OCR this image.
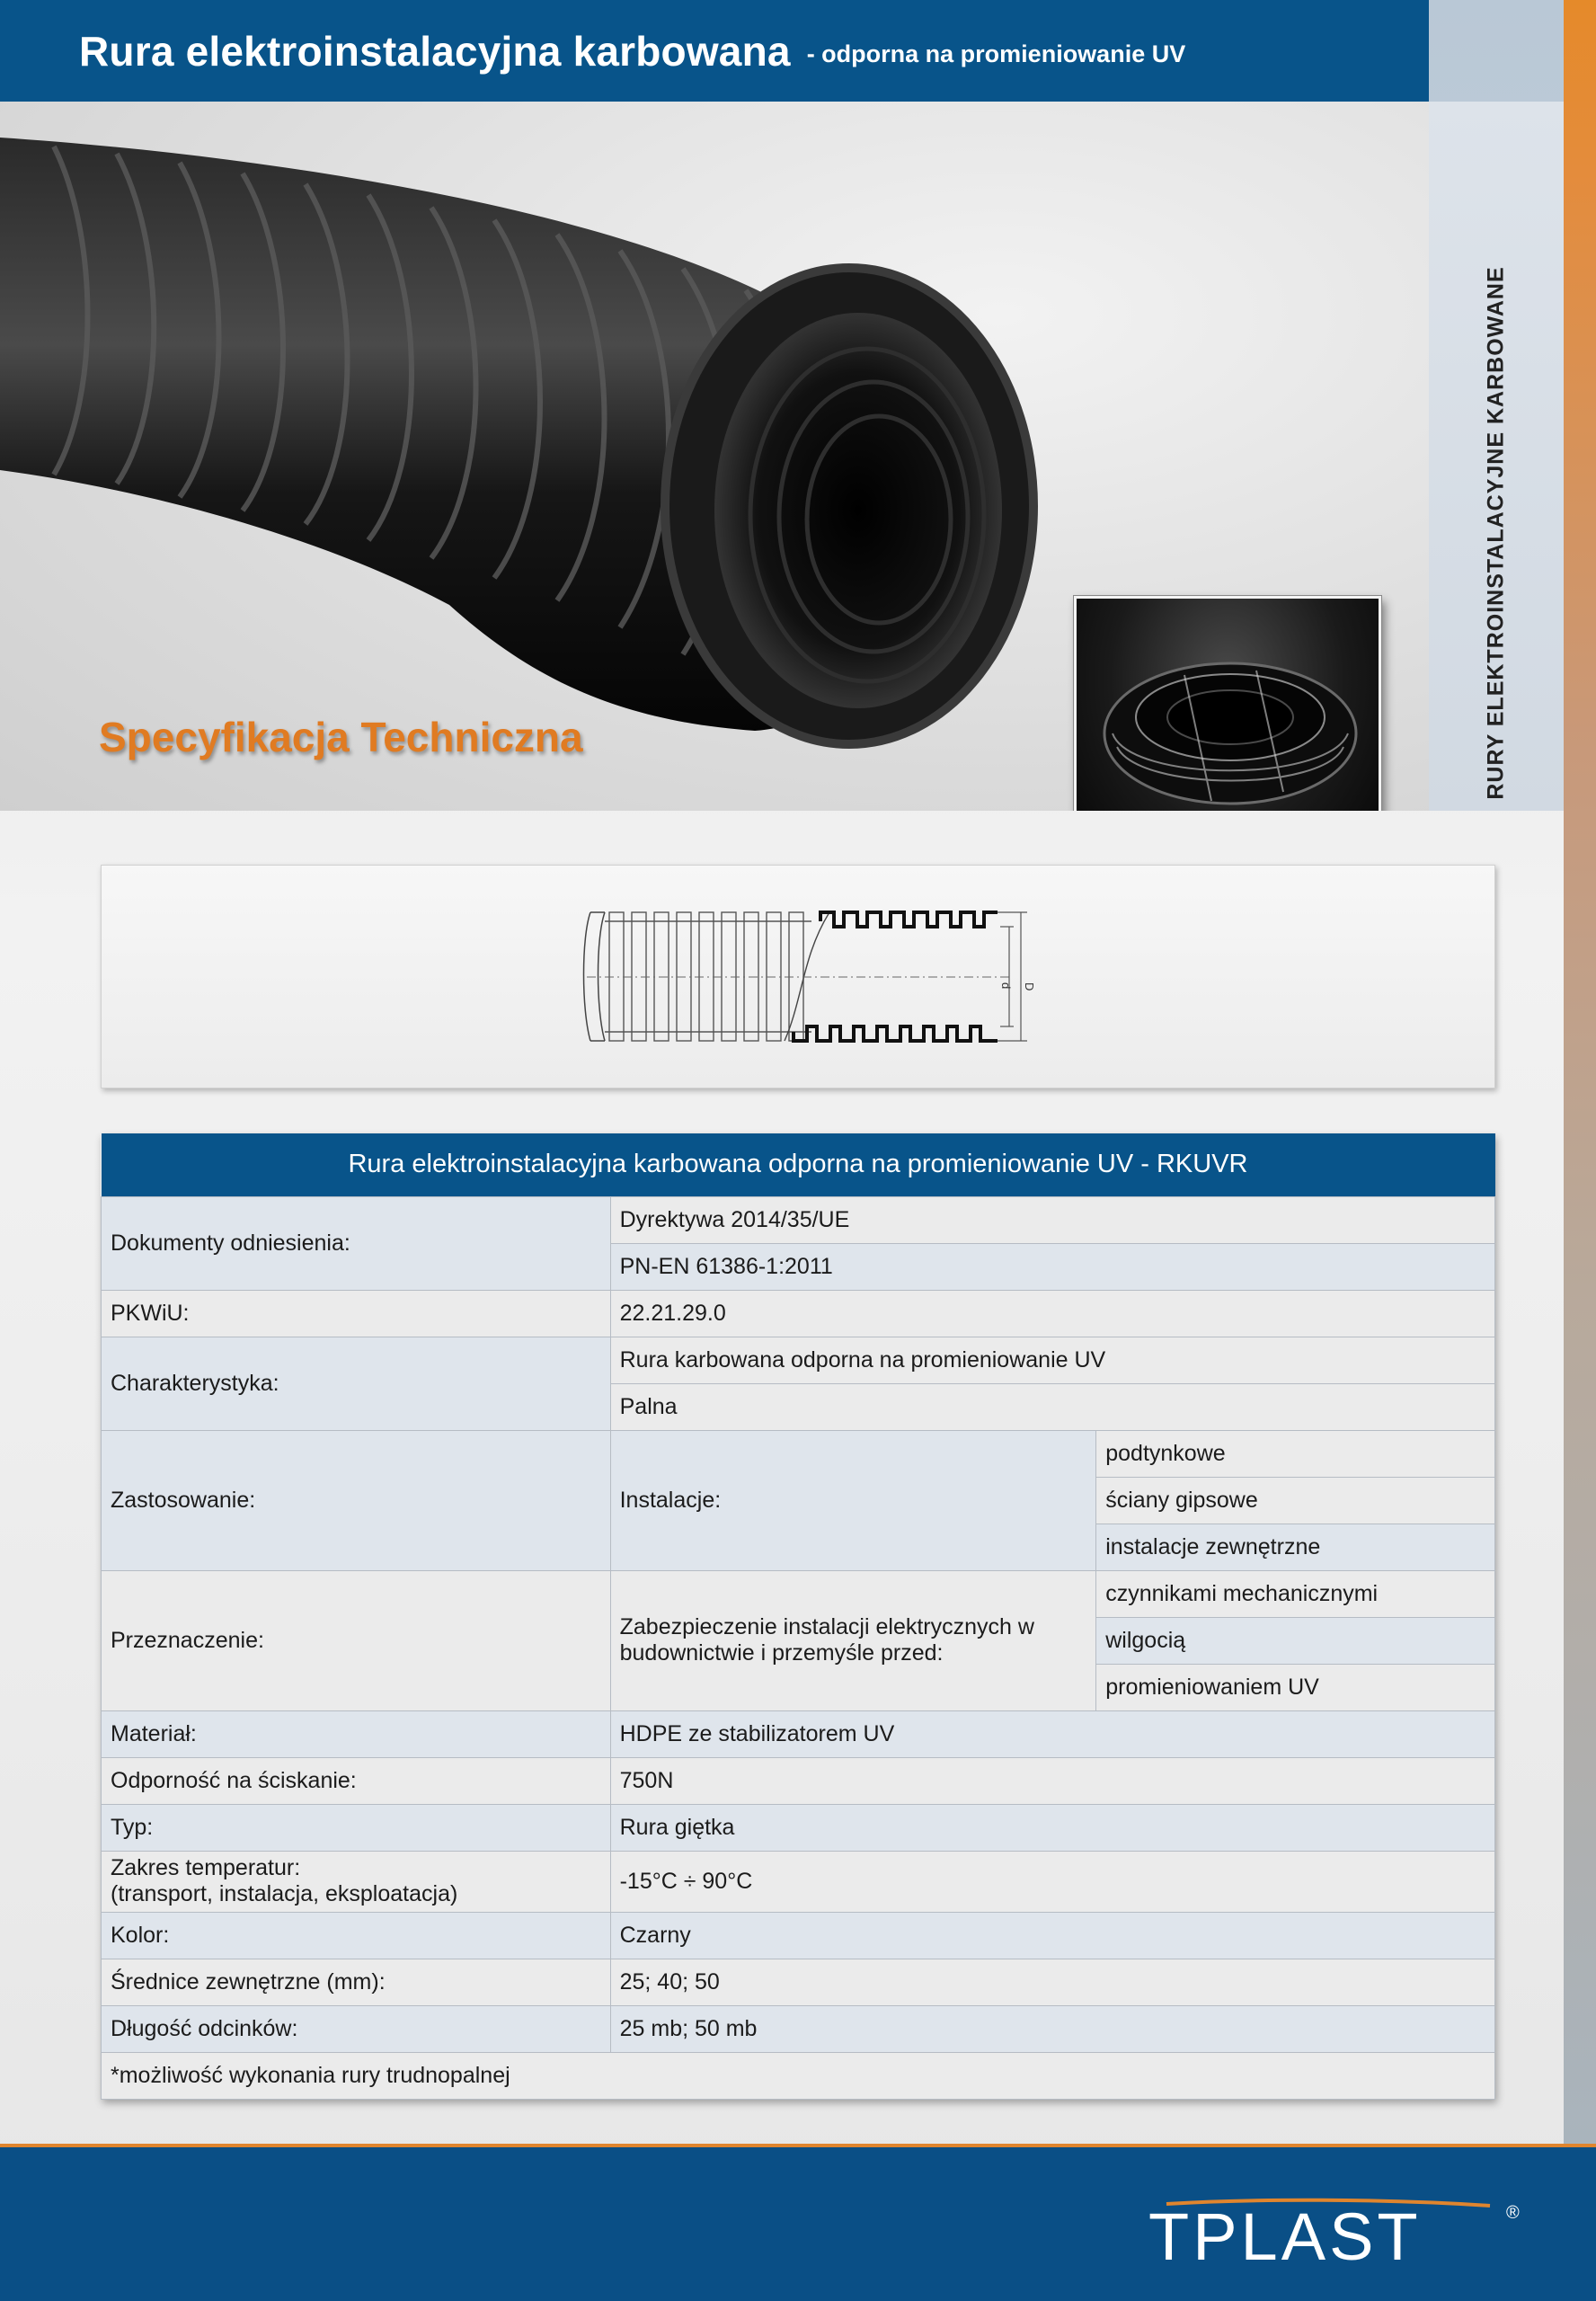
Rura elektroinstalacyjna karbowana - odporna na promieniowanie UV
RURY ELEKTROINSTALACYJNE KARBOWANE
Specyfikacja Techniczna
d D
Rura elektroinstalacyjna karbowana odporna na promieniowanie UV - RKUVR		
Dokumenty odniesienia:	Dyrektywa 2014/35/UE	
	PN-EN 61386-1:2011	
PKWiU:	22.21.29.0	
Charakterystyka:	Rura karbowana odporna na promieniowanie UV	
	Palna	
Zastosowanie:	Instalacje:	podtynkowe
		ściany gipsowe
		instalacje zewnętrzne
Przeznaczenie:	Zabezpieczenie instalacji elektrycznych w budownictwie i przemyśle przed:	czynnikami mechanicznymi
		wilgocią
		promieniowaniem UV
Materiał:	HDPE ze stabilizatorem UV	
Odporność na ściskanie:	750N	
Typ:	Rura giętka	

Zakres temperatur:
(transport, instalacja, eksploatacja)	-15°C ÷ 90°C	
Kolor:	Czarny	
Średnice zewnętrzne (mm):	25; 40; 50	
Długość odcinków:	25 mb; 50 mb	
*możliwość wykonania rury trudnopalnej		
TPLAST	®
